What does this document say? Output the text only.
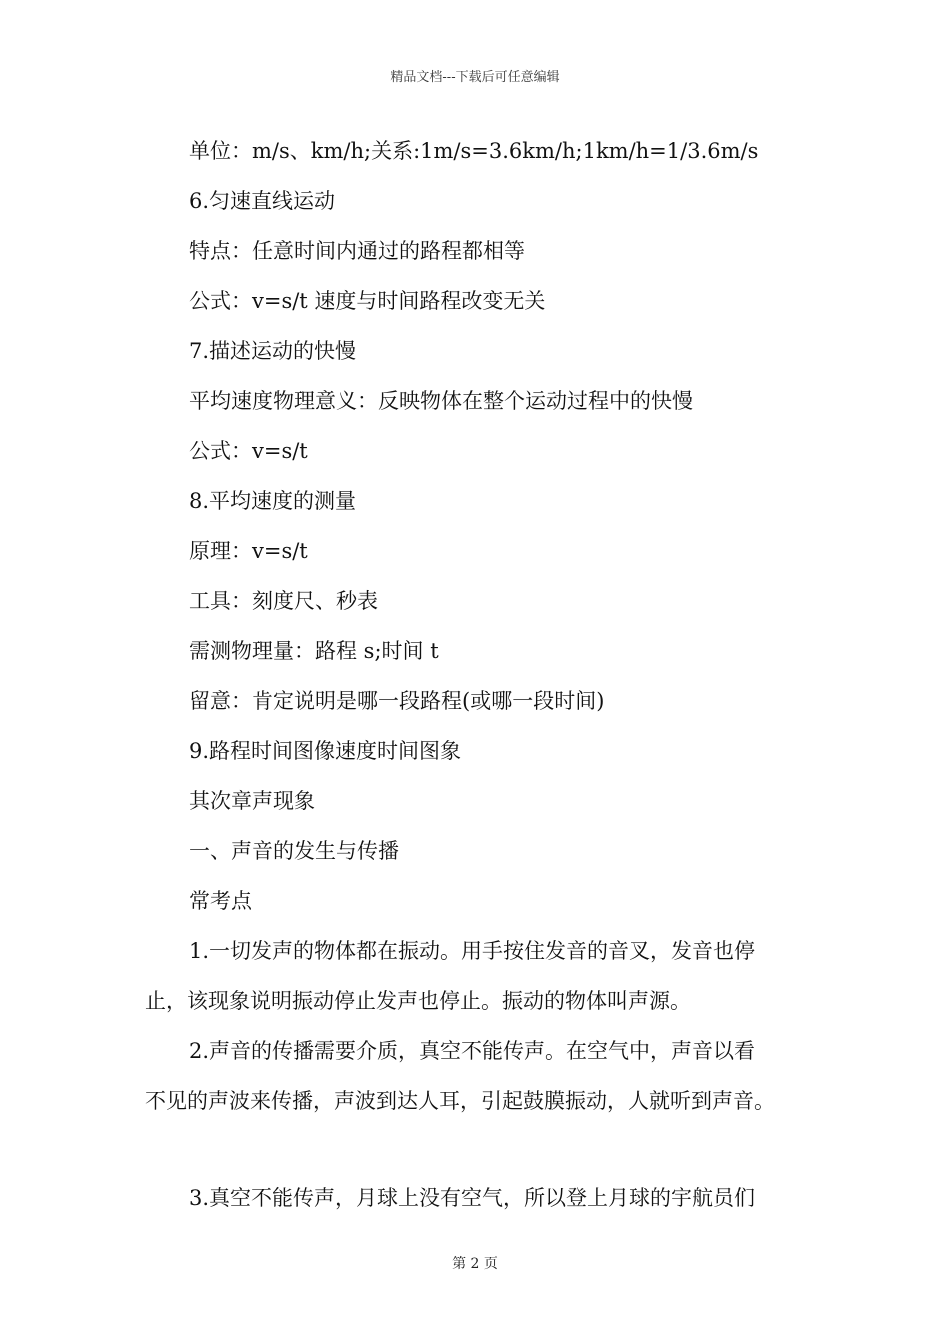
精品文档---下载后可任意编辑
单位：m/s、km/h;关系:1m/s=3.6km/h;1km/h=1/3.6m/s
6.匀速直线运动
特点：任意时间内通过的路程都相等
公式：v=s/t 速度与时间路程改变无关
7.描述运动的快慢
平均速度物理意义：反映物体在整个运动过程中的快慢
公式：v=s/t
8.平均速度的测量
原理：v=s/t
工具：刻度尺、秒表
需测物理量：路程 s;时间 t
留意：肯定说明是哪一段路程(或哪一段时间)
9.路程时间图像速度时间图象
其次章声现象
一、声音的发生与传播
常考点
1.一切发声的物体都在振动。用手按住发音的音叉，发音也停
止，该现象说明振动停止发声也停止。振动的物体叫声源。
2.声音的传播需要介质，真空不能传声。在空气中，声音以看
不见的声波来传播，声波到达人耳，引起鼓膜振动，人就听到声音。
3.真空不能传声，月球上没有空气，所以登上月球的宇航员们
第 2 页
